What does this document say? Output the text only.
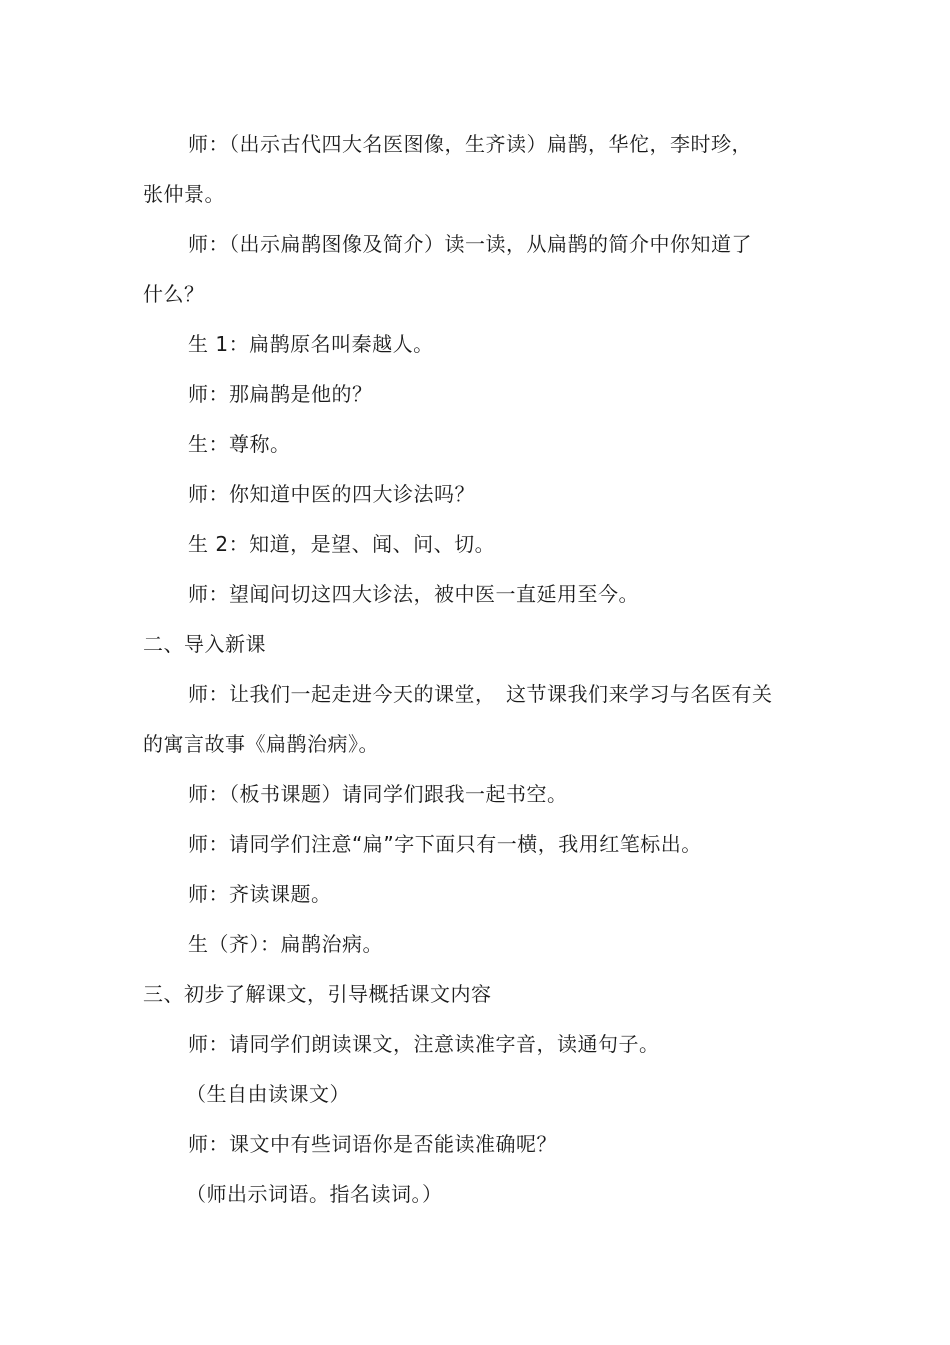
师：（出示古代四大名医图像，生齐读）扁鹊，华佗，李时珍，
张仲景。
师：（出示扁鹊图像及简介）读一读，从扁鹊的简介中你知道了
什么？
生 1：扁鹊原名叫秦越人。
师：那扁鹊是他的？
生：尊称。
师：你知道中医的四大诊法吗？
生 2：知道，是望、闻、问、切。
师：望闻问切这四大诊法，被中医一直延用至今。
二、导入新课
师：让我们一起走进今天的课堂，　这节课我们来学习与名医有关
的寓言故事《扁鹊治病》。
师：（板书课题）请同学们跟我一起书空。
师：请同学们注意“扁”字下面只有一横，我用红笔标出。
师：齐读课题。
生（齐）：扁鹊治病。
三、初步了解课文，引导概括课文内容
师：请同学们朗读课文，注意读准字音，读通句子。
（生自由读课文）
师：课文中有些词语你是否能读准确呢？
（师出示词语。指名读词。）
